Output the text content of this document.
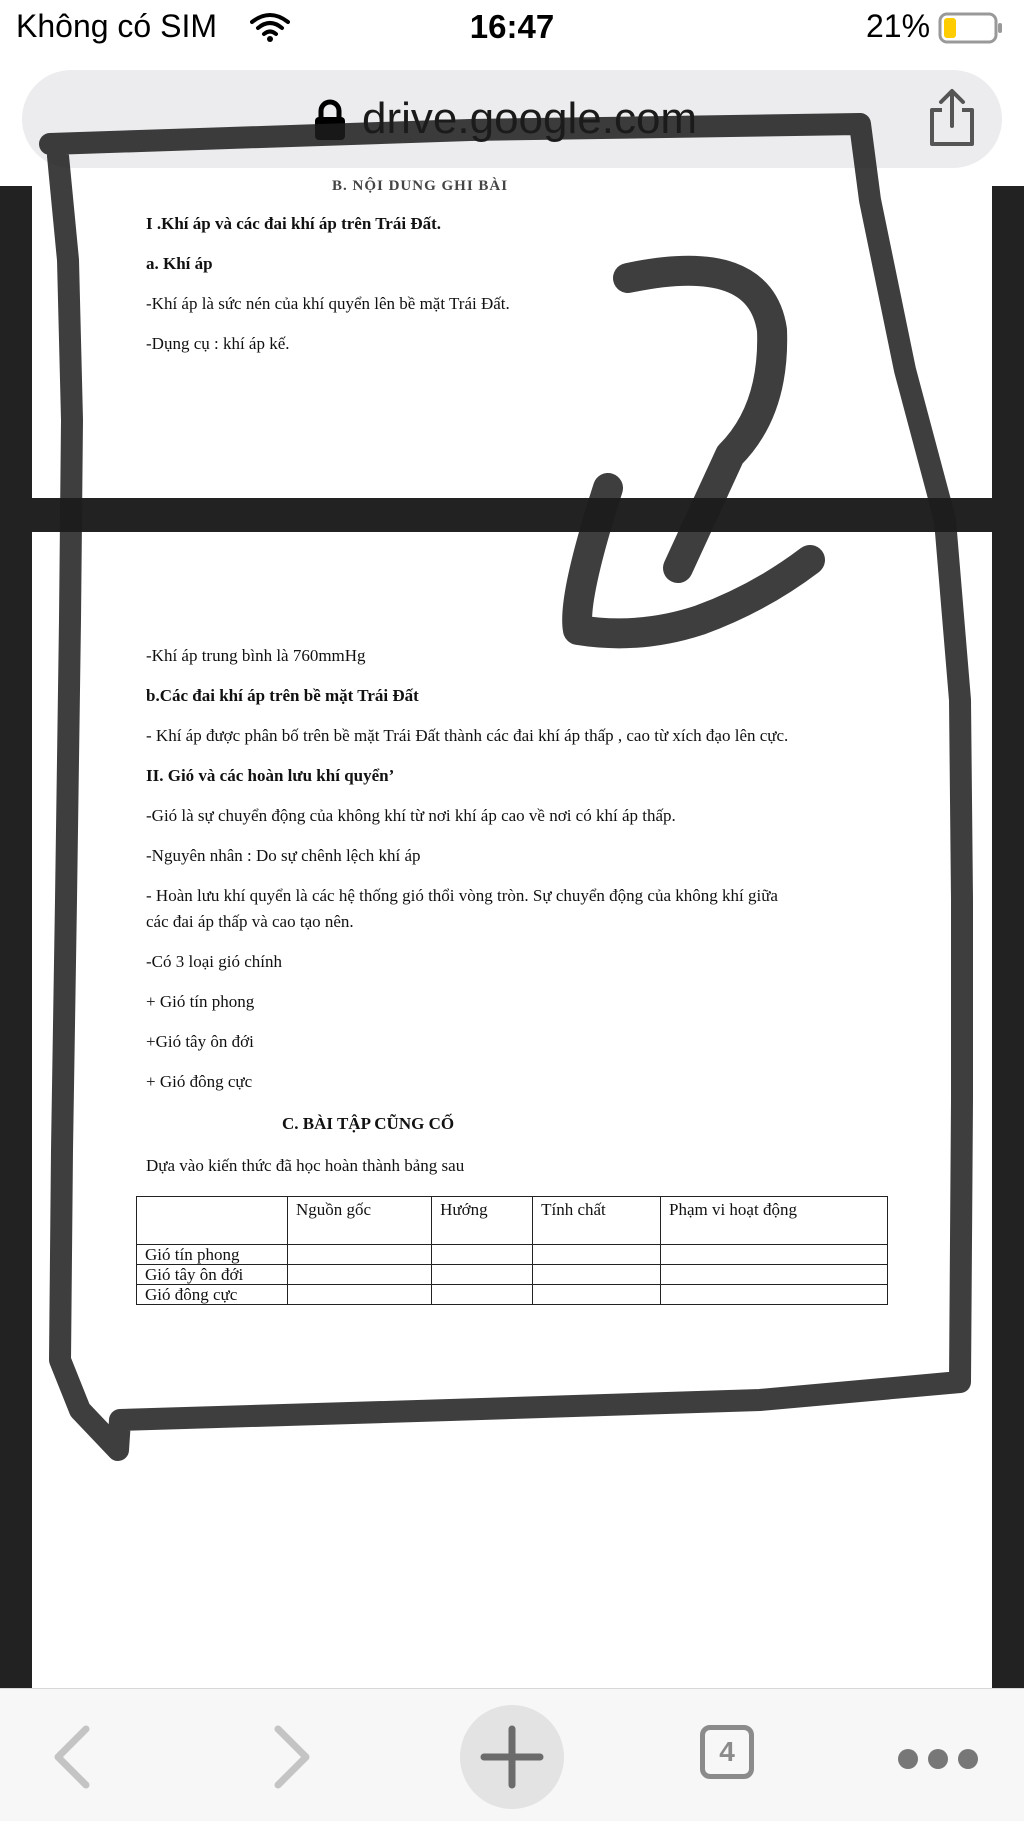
Không có SIM	16:47	21%
drive.google.com
B. NỘI DUNG GHI BÀI
I .Khí áp và các đai khí áp trên Trái Đất.
a. Khí áp
-Khí áp là sức nén của khí quyển lên bề mặt Trái Đất.
-Dụng cụ : khí áp kế.
-Khí áp trung bình là 760mmHg
b.Các đai khí áp trên bề mặt Trái Đất
- Khí áp được phân bố trên bề mặt Trái Đất thành các đai khí áp thấp , cao từ xích đạo lên cực.
II. Gió và các hoàn lưu khí quyển’
-Gió là sự chuyển động của không khí từ nơi khí áp cao về nơi có khí áp thấp.
-Nguyên nhân : Do sự chênh lệch khí áp
- Hoàn lưu khí quyển là các hệ thống gió thổi vòng tròn. Sự chuyển động của không khí giữa
các đai áp thấp và cao tạo nên.
-Có 3 loại gió chính
+ Gió tín phong
+Gió tây ôn đới
+ Gió đông cực
C. BÀI TẬP CŨNG CỐ
Dựa vào kiến thức đã học hoàn thành bảng sau
	Nguồn gốc	Hướng	Tính chất	Phạm vi hoạt động
Gió tín phong				
Gió tây ôn đới				
Gió đông cực				
4
